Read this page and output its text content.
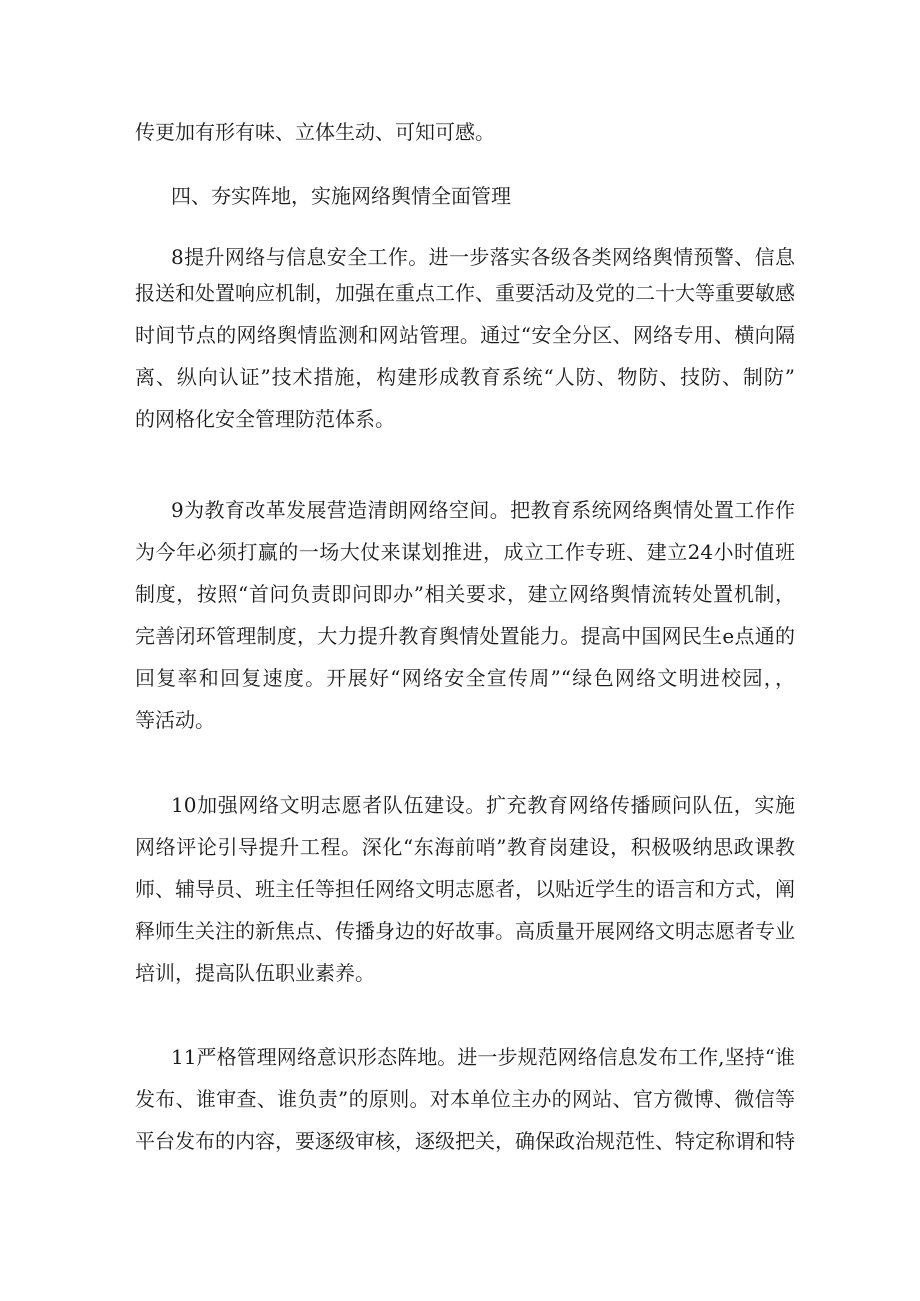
传更加有形有味、立体生动、可知可感。
四、夯实阵地，实施网络舆情全面管理
8提升网络与信息安全工作。进一步落实各级各类网络舆情预警、信息
报送和处置响应机制，加强在重点工作、重要活动及党的二十大等重要敏感
时间节点的网络舆情监测和网站管理。通过“安全分区、网络专用、横向隔
离、纵向认证”技术措施，构建形成教育系统“人防、物防、技防、制防”
的网格化安全管理防范体系。
9为教育改革发展营造清朗网络空间。把教育系统网络舆情处置工作作
为今年必须打赢的一场大仗来谋划推进，成立工作专班、建立24小时值班
制度，按照“首问负责即问即办”相关要求，建立网络舆情流转处置机制，
完善闭环管理制度，大力提升教育舆情处置能力。提高中国网民生e点通的
回复率和回复速度。开展好“网络安全宣传周”“绿色网络文明进校园，，
等活动。
10加强网络文明志愿者队伍建设。扩充教育网络传播顾问队伍，实施
网络评论引导提升工程。深化“东海前哨”教育岗建设，积极吸纳思政课教
师、辅导员、班主任等担任网络文明志愿者，以贴近学生的语言和方式，阐
释师生关注的新焦点、传播身边的好故事。高质量开展网络文明志愿者专业
培训，提高队伍职业素养。
11严格管理网络意识形态阵地。进一步规范网络信息发布工作,坚持“谁
发布、谁审查、谁负责”的原则。对本单位主办的网站、官方微博、微信等
平台发布的内容，要逐级审核，逐级把关，确保政治规范性、特定称谓和特
